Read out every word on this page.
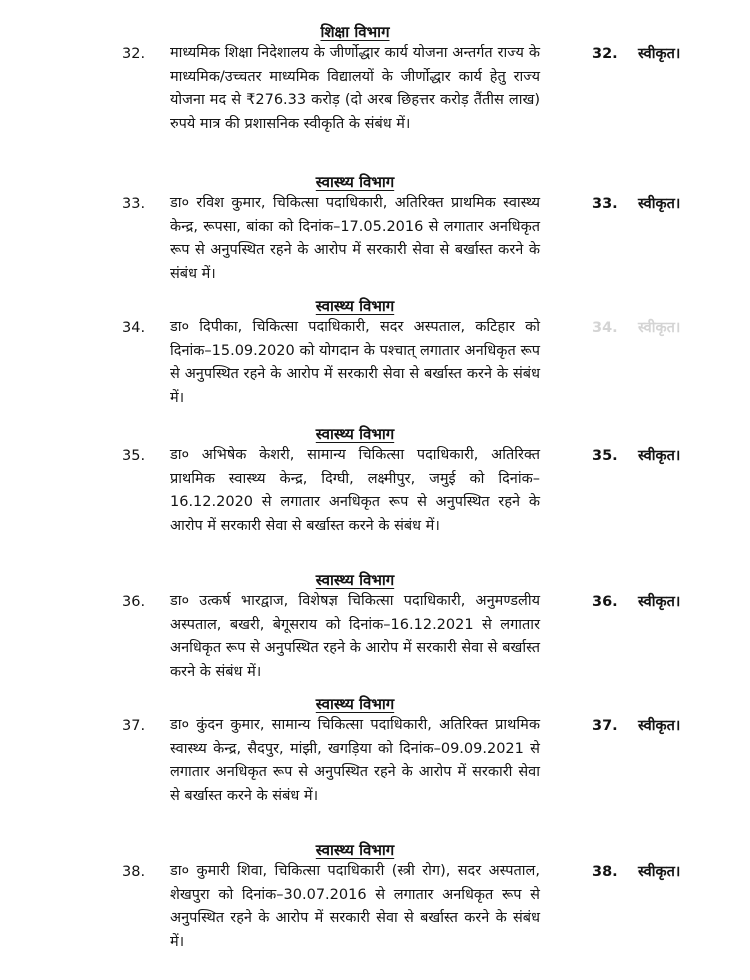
शिक्षा विभाग
32. माध्यमिक शिक्षा निदेशालय के जीर्णोद्धार कार्य योजना अन्तर्गत राज्य के माध्यमिक/उच्चतर माध्यमिक विद्यालयों के जीर्णोद्धार कार्य हेतु राज्य योजना मद से ₹276.33 करोड़ (दो अरब छिहत्तर करोड़ तैंतीस लाख) रुपये मात्र की प्रशासनिक स्वीकृति के संबंध में।
32. स्वीकृत।
स्वास्थ्य विभाग
33. डा० रविश कुमार, चिकित्सा पदाधिकारी, अतिरिक्त प्राथमिक स्वास्थ्य केन्द्र, रूपसा, बांका को दिनांक–17.05.2016 से लगातार अनधिकृत रूप से अनुपस्थित रहने के आरोप में सरकारी सेवा से बर्खास्त करने के संबंध में।
33. स्वीकृत।
स्वास्थ्य विभाग
34. डा० दिपीका, चिकित्सा पदाधिकारी, सदर अस्पताल, कटिहार को दिनांक–15.09.2020 को योगदान के पश्चात् लगातार अनधिकृत रूप से अनुपस्थित रहने के आरोप में सरकारी सेवा से बर्खास्त करने के संबंध में।
34. स्वीकृत।
स्वास्थ्य विभाग
35. डा० अभिषेक केशरी, सामान्य चिकित्सा पदाधिकारी, अतिरिक्त प्राथमिक स्वास्थ्य केन्द्र, दिग्घी, लक्ष्मीपुर, जमुई को दिनांक–16.12.2020 से लगातार अनधिकृत रूप से अनुपस्थित रहने के आरोप में सरकारी सेवा से बर्खास्त करने के संबंध में।
35. स्वीकृत।
स्वास्थ्य विभाग
36. डा० उत्कर्ष भारद्वाज, विशेषज्ञ चिकित्सा पदाधिकारी, अनुमण्डलीय अस्पताल, बखरी, बेगूसराय को दिनांक–16.12.2021 से लगातार अनधिकृत रूप से अनुपस्थित रहने के आरोप में सरकारी सेवा से बर्खास्त करने के संबंध में।
36. स्वीकृत।
स्वास्थ्य विभाग
37. डा० कुंदन कुमार, सामान्य चिकित्सा पदाधिकारी, अतिरिक्त प्राथमिक स्वास्थ्य केन्द्र, सैदपुर, मांझी, खगड़िया को दिनांक–09.09.2021 से लगातार अनधिकृत रूप से अनुपस्थित रहने के आरोप में सरकारी सेवा से बर्खास्त करने के संबंध में।
37. स्वीकृत।
स्वास्थ्य विभाग
38. डा० कुमारी शिवा, चिकित्सा पदाधिकारी (स्त्री रोग), सदर अस्पताल, शेखपुरा को दिनांक–30.07.2016 से लगातार अनधिकृत रूप से अनुपस्थित रहने के आरोप में सरकारी सेवा से बर्खास्त करने के संबंध में।
38. स्वीकृत।
